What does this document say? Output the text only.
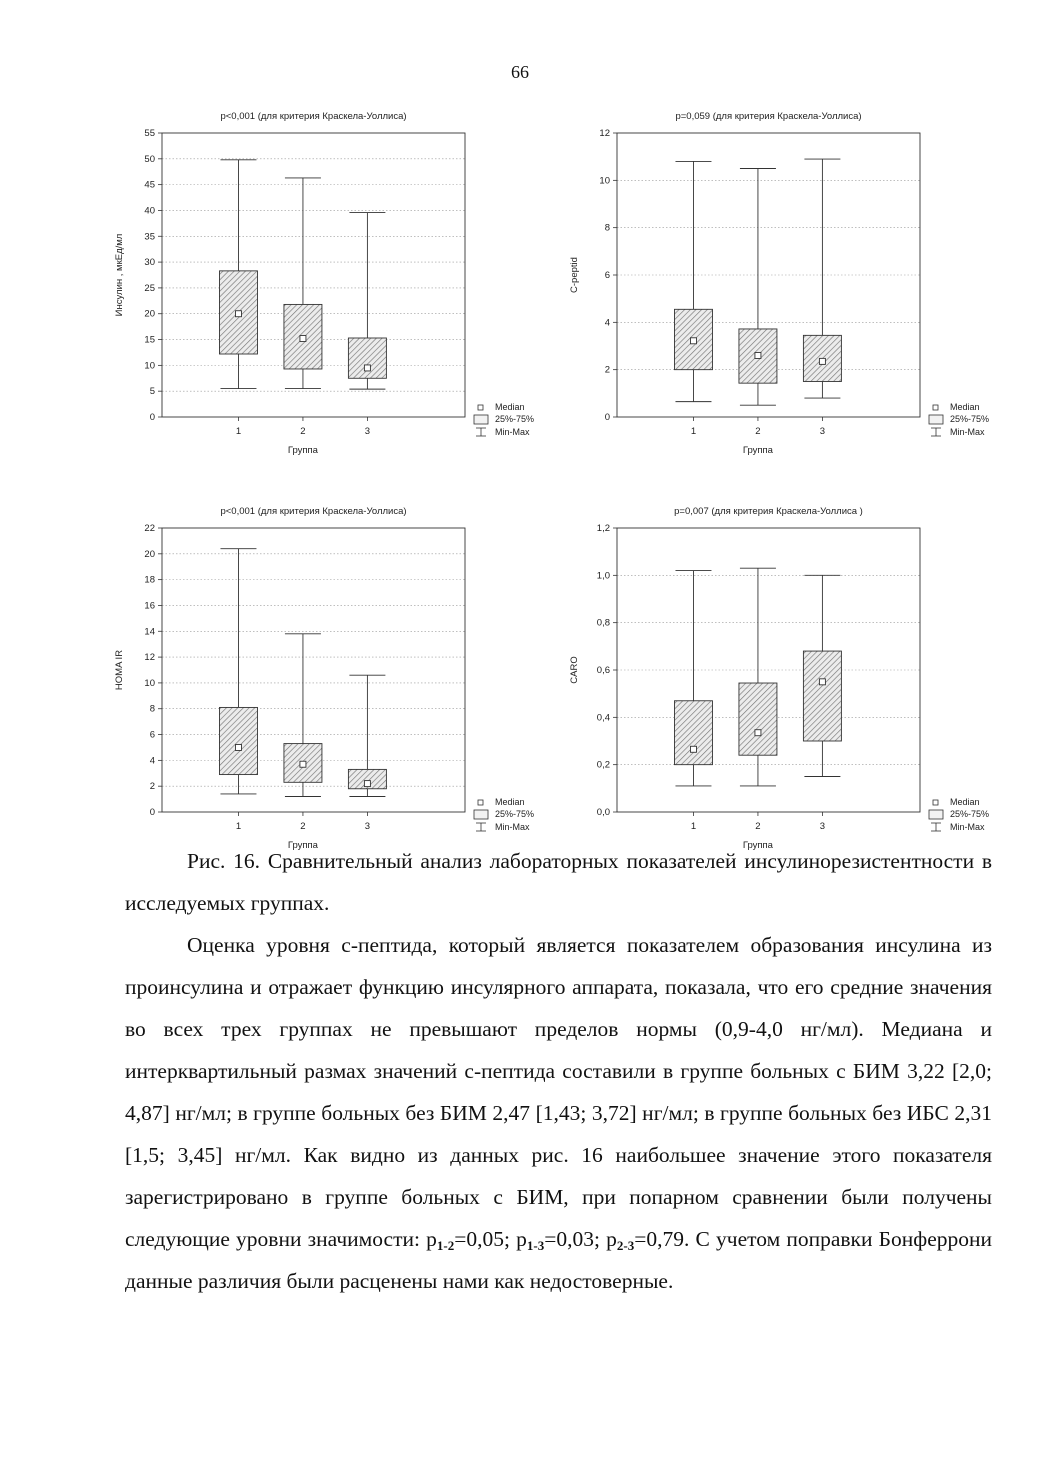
66
p<0,001 (для критерия Краскела-Уоллиса)
0
5
10
15
20
25
30
35
40
45
50
55
Инсулин , мкЕд/мл
1	2	3
Группа
Median
25%-75%
Min-Max
p=0,059 (для критерия Краскела-Уоллиса)
0
2
4
6
8
10
12
C-peptid
1	2	3
Группа
Median
25%-75%
Min-Max
p<0,001 (для критерия Краскела-Уоллиса)
0
2
4
6
8
10
12
14
16
18
20
22
HOMA IR
1	2	3
Группа
Median
25%-75%
Min-Max
p=0,007 (для критерия Краскела-Уоллиса )
0,0
0,2
0,4
0,6
0,8
1,0
1,2
CARO
1	2	3
Группа
Median
25%-75%
Min-Max

Рис. 16. Сравнительный анализ лабораторных показателей инсулинорезистентности в исследуемых группах.

Оценка уровня с-пептида, который является показателем образования инсулина из проинсулина и отражает функцию инсулярного аппарата, показала, что его средние значения во всех трех группах не превышают пределов нормы (0,9-4,0 нг/мл). Медиана и интерквартильный размах значений с-пептида составили в группе больных с БИМ 3,22 [2,0; 4,87] нг/мл; в группе больных без БИМ 2,47 [1,43; 3,72] нг/мл; в группе больных без ИБС 2,31 [1,5; 3,45] нг/мл. Как видно из данных рис. 16 наибольшее значение этого показателя зарегистрировано в группе больных с БИМ, при попарном сравнении были получены следующие уровни значимости: $p_{1-2}=0,05$; $p_{1-3}=0,03$; $p_{2-3}=0,79$. С учетом поправки Бонферрони данные различия были расценены нами как недостоверные.
